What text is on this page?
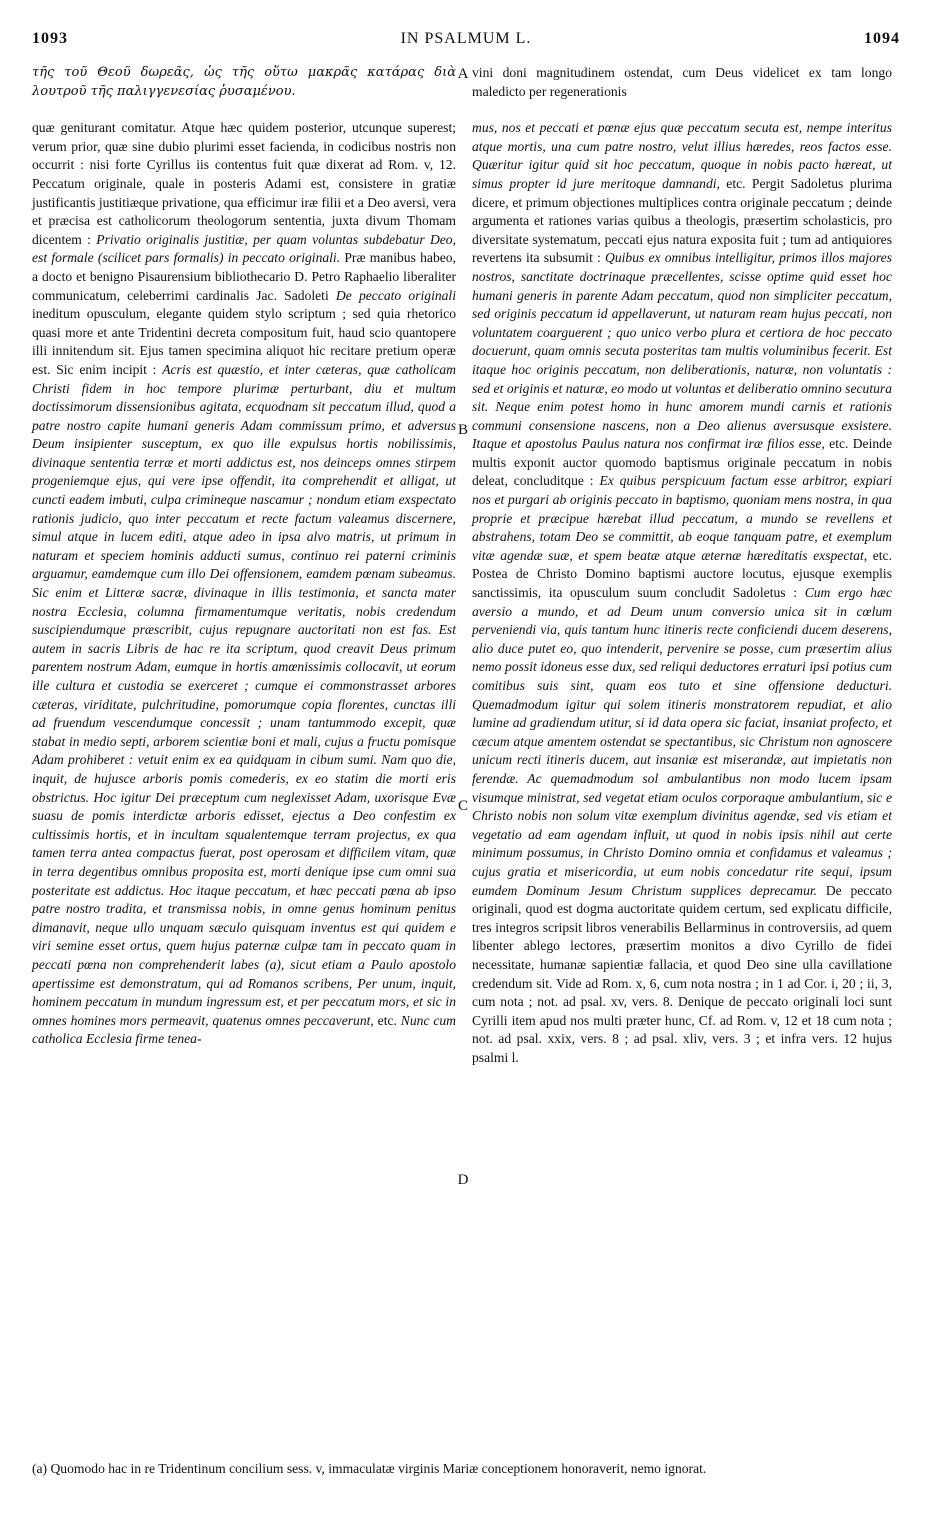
1093	IN PSALMUM L.	1094
A
B
C
D

τῆς τοῦ Θεοῦ δωρεᾶς, ὡς τῆς οὕτω μακρᾶς κατάρας διὰ λουτροῦ τῆς παλιγγενεσίας ῥυσαμένου.

quæ geniturant comitatur. Atque hæc quidem posterior, utcunque superest; verum prior, quæ sine dubio plurimi esset facienda, in codicibus nostris non occurrit : nisi forte Cyrillus iis contentus fuit quæ dixerat ad Rom. v, 12. Peccatum originale, quale in posteris Adami est, consistere in gratiæ justificantis justitiæque privatione, qua efficimur iræ filii et a Deo aversi, vera et præcisa est catholicorum theologorum sententia, juxta divum Thomam dicentem : Privatio originalis justitiæ, per quam voluntas subdebatur Deo, est formale (scilicet pars formalis) in peccato originali. Præ manibus habeo, a docto et benigno Pisaurensium bibliothecario D. Petro Raphaelio liberaliter communicatum, celeberrimi cardinalis Jac. Sadoleti De peccato originali ineditum opusculum, elegante quidem stylo scriptum ; sed quia rhetorico quasi more et ante Tridentini decreta compositum fuit, haud scio quantopere illi innitendum sit. Ejus tamen specimina aliquot hic recitare pretium operæ est. Sic enim incipit : Acris est quæstio, et inter cæteras, quæ catholicam Christi fidem in hoc tempore plurimæ perturbant, diu et multum doctissimorum dissensionibus agitata, ecquodnam sit peccatum illud, quod a patre nostro capite humani generis Adam commissum primo, et adversus Deum insipienter susceptum, ex quo ille expulsus hortis nobilissimis, divinaque sententia terræ et morti addictus est, nos deinceps omnes stirpem progeniemque ejus, qui vere ipse offendit, ita comprehendit et alligat, ut cuncti eadem imbuti, culpa crimineque nascamur ; nondum etiam exspectato rationis judicio, quo inter peccatum et recte factum valeamus discernere, simul atque in lucem editi, atque adeo in ipsa alvo matris, ut primum in naturam et speciem hominis adducti sumus, continuo rei paterni criminis arguamur, eamdemque cum illo Dei offensionem, eamdem pœnam subeamus. Sic enim et Litteræ sacræ, divinaque in illis testimonia, et sancta mater nostra Ecclesia, columna firmamentumque veritatis, nobis credendum suscipiendumque præscribit, cujus repugnare auctoritati non est fas. Est autem in sacris Libris de hac re ita scriptum, quod creavit Deus primum parentem nostrum Adam, eumque in hortis amœnissimis collocavit, ut eorum ille cultura et custodia se exerceret ; cumque ei commonstrasset arbores cæteras, viriditate, pulchritudine, pomorumque copia florentes, cunctas illi ad fruendum vescendumque concessit ; unam tantummodo excepit, quæ stabat in medio septi, arborem scientiæ boni et mali, cujus a fructu pomisque Adam prohiberet : vetuit enim ex ea quidquam in cibum sumi. Nam quo die, inquit, de hujusce arboris pomis comederis, ex eo statim die morti eris obstrictus. Hoc igitur Dei præceptum cum neglexisset Adam, uxorisque Evæ suasu de pomis interdictæ arboris edisset, ejectus a Deo confestim ex cultissimis hortis, et in incultam squalentemque terram projectus, ex qua tamen terra antea compactus fuerat, post operosam et difficilem vitam, quæ in terra degentibus omnibus proposita est, morti denique ipse cum omni sua posteritate est addictus. Hoc itaque peccatum, et hæc peccati pœna ab ipso patre nostro tradita, et transmissa nobis, in omne genus hominum penitus dimanavit, neque ullo unquam sæculo quisquam inventus est qui quidem e viri semine esset ortus, quem hujus paternæ culpæ tam in peccato quam in peccati pœna non comprehenderit labes (a), sicut etiam a Paulo apostolo apertissime est demonstratum, qui ad Romanos scribens, Per unum, inquit, hominem peccatum in mundum ingressum est, et per peccatum mors, et sic in omnes homines mors permeavit, quatenus omnes peccaverunt, etc. Nunc cum catholica Ecclesia firme tenea-

vini doni magnitudinem ostendat, cum Deus videlicet ex tam longo maledicto per regenerationis

mus, nos et peccati et pœnæ ejus quæ peccatum secuta est, nempe interitus atque mortis, una cum patre nostro, velut illius hæredes, reos factos esse. Quæritur igitur quid sit hoc peccatum, quoque in nobis pacto hæreat, ut simus propter id jure meritoque damnandi, etc. Pergit Sadoletus plurima dicere, et primum objectiones multiplices contra originale peccatum ; deinde argumenta et rationes varias quibus a theologis, præsertim scholasticis, pro diversitate systematum, peccati ejus natura exposita fuit ; tum ad antiquiores revertens ita subsumit : Quibus ex omnibus intelligitur, primos illos majores nostros, sanctitate doctrinaque præcellentes, scisse optime quid esset hoc humani generis in parente Adam peccatum, quod non simpliciter peccatum, sed originis peccatum id appellaverunt, ut naturam ream hujus peccati, non voluntatem coarguerent ; quo unico verbo plura et certiora de hoc peccato docuerunt, quam omnis secuta posteritas tam multis voluminibus fecerit. Est itaque hoc originis peccatum, non deliberationis, naturæ, non voluntatis : sed et originis et naturæ, eo modo ut voluntas et deliberatio omnino secutura sit. Neque enim potest homo in hunc amorem mundi carnis et rationis communi consensione nascens, non a Deo alienus aversusque exsistere. Itaque et apostolus Paulus natura nos confirmat iræ filios esse, etc. Deinde multis exponit auctor quomodo baptismus originale peccatum in nobis deleat, concluditque : Ex quibus perspicuum factum esse arbitror, expiari nos et purgari ab originis peccato in baptismo, quoniam mens nostra, in qua proprie et præcipue hærebat illud peccatum, a mundo se revellens et abstrahens, totam Deo se committit, ab eoque tanquam patre, et exemplum vitæ agendæ suæ, et spem beatæ atque æternæ hæreditatis exspectat, etc. Postea de Christo Domino baptismi auctore locutus, ejusque exemplis sanctissimis, ita opusculum suum concludit Sadoletus : Cum ergo hæc aversio a mundo, et ad Deum unum conversio unica sit in cœlum perveniendi via, quis tantum hunc itineris recte conficiendi ducem deserens, alio duce putet eo, quo intenderit, pervenire se posse, cum præsertim alius nemo possit idoneus esse dux, sed reliqui deductores erraturi ipsi potius cum comitibus suis sint, quam eos tuto et sine offensione deducturi. Quemadmodum igitur qui solem itineris monstratorem repudiat, et alio lumine ad gradiendum utitur, si id data opera sic faciat, insaniat profecto, et cæcum atque amentem ostendat se spectantibus, sic Christum non agnoscere unicum recti itineris ducem, aut insaniæ est miserandæ, aut impietatis non ferendæ. Ac quemadmodum sol ambulantibus non modo lucem ipsam visumque ministrat, sed vegetat etiam oculos corporaque ambulantium, sic e Christo nobis non solum vitæ exemplum divinitus agendæ, sed vis etiam et vegetatio ad eam agendam influit, ut quod in nobis ipsis nihil aut certe minimum possumus, in Christo Domino omnia et confidamus et valeamus ; cujus gratia et misericordia, ut eum nobis concedatur rite sequi, ipsum eumdem Dominum Jesum Christum supplices deprecamur. De peccato originali, quod est dogma auctoritate quidem certum, sed explicatu difficile, tres integros scripsit libros venerabilis Bellarminus in controversiis, ad quem libenter ablego lectores, præsertim monitos a divo Cyrillo de fidei necessitate, humanæ sapientiæ fallacia, et quod Deo sine ulla cavillatione credendum sit. Vide ad Rom. x, 6, cum nota nostra ; in 1 ad Cor. i, 20 ; ii, 3, cum nota ; not. ad psal. xv, vers. 8. Denique de peccato originali loci sunt Cyrilli item apud nos multi præter hunc, Cf. ad Rom. v, 12 et 18 cum nota ; not. ad psal. xxix, vers. 8 ; ad psal. xliv, vers. 3 ; et infra vers. 12 hujus psalmi l.

(a) Quomodo hac in re Tridentinum concilium sess. v, immaculatæ virginis Mariæ conceptionem honoraverit, nemo ignorat.
